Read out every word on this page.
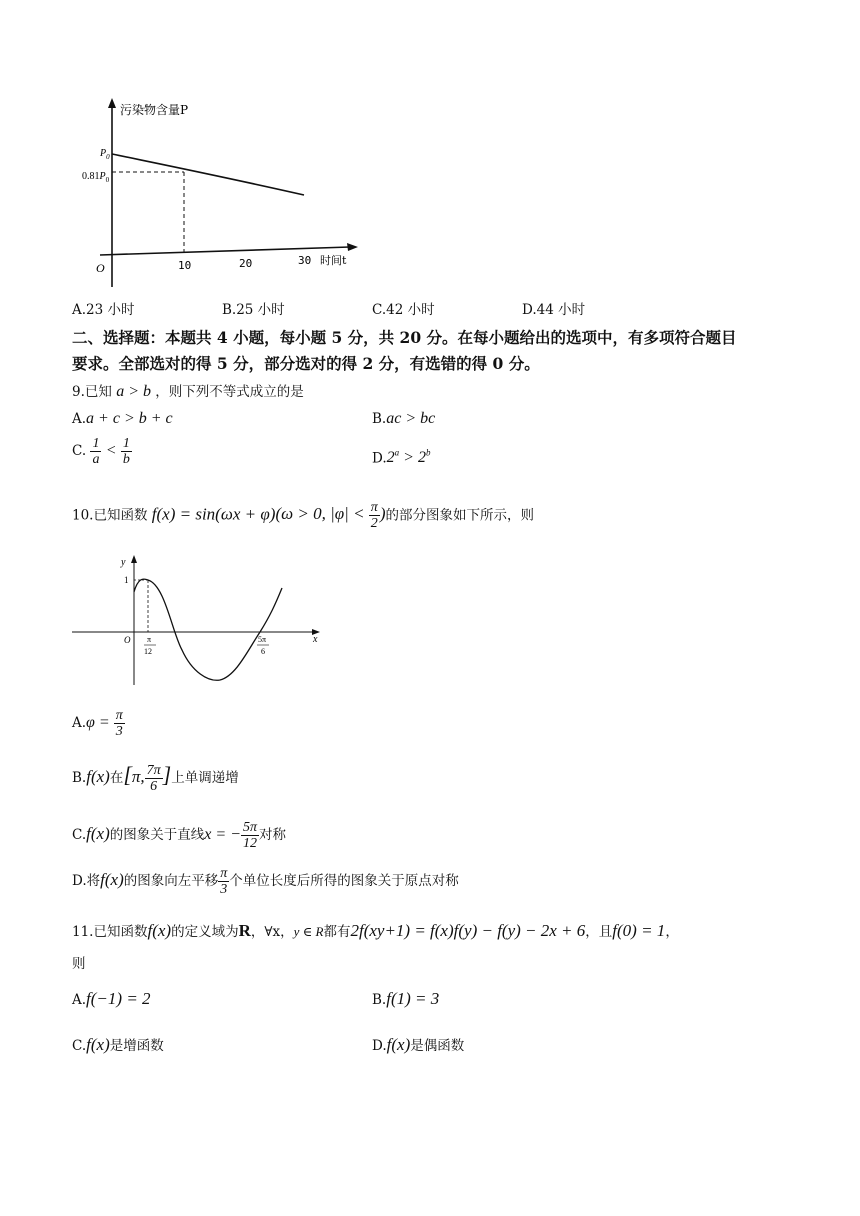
污染物含量P
$P_0$
$0.81P_0$
O	10	20	30 时间t
A.23 小时	B.25 小时	C.42 小时	D.44 小时
二、选择题：本题共 4 小题，每小题 5 分，共 20 分。在每小题给出的选项中，有多项符合题目
要求。全部选对的得 5 分，部分选对的得 2 分，有选错的得 0 分。
9.已知 a > b ，则下列不等式成立的是
A.a + c > b + c	B.ac > bc
C. $\frac{1}{a} < \frac{1}{b}$	$D.2^a > 2^b$
10.已知函数 f(x) = sin(ωx + φ)(ω > 0, $|\varphi| < \frac{\pi}{2}$ )的部分图象如下所示，则
y
x
O
1
π
12
5π
6
$A.\varphi = \frac{\pi}{3}$
B.f(x)在[π, $\frac{7\pi}{6}$ ]上单调递增
C.f(x)的图象关于直线x = − $\frac{5\pi}{12}$ 对称
D.将f(x)的图象向左平移 $\frac{\pi}{3}$ 个单位长度后所得的图象关于原点对称
11.已知函数f(x)的定义域为R，∀x，y ∈ R都有2f(xy+1) = f(x)f(y) − f(y) − 2x + 6，且f(0) = 1，
则
A.f(−1) = 2	B.f(1) = 3
C.f(x)是增函数	D.f(x)是偶函数
